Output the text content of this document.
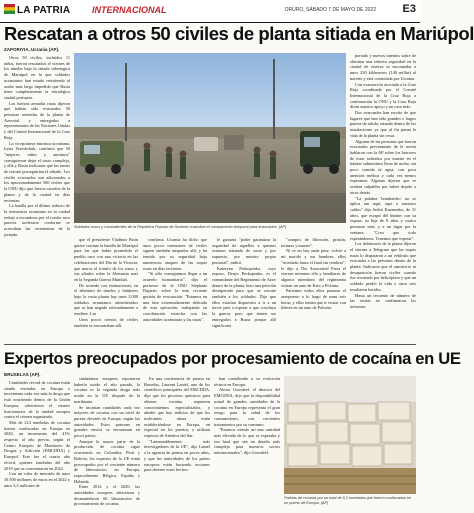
LA PATRIA INTERNACIONAL	ORURO, SÁBADO 7 DE MAYO DE 2022 E3
Rescatan a otros 50 civiles de planta sitiada en Mariúpol
ZAPORIYIA, Ucrania (AP).

Otros 50 civiles, incluidos 11 niños, fueron rescatados el viernes de los túneles bajo la sitiada siderúrgica de Mariúpol en la que soldados ucranianos han estado resistiendo al asalto más largo impedido que Rusia tiene completamente la estratégica ciudad portuaria.

Las fuerzas armadas rusas dijeron que habían sido evacuados 50 personas retenidas de la planta de Azovstal y entregados a representantes de las Naciones Unidas y del Comité Internacional de la Cruz Roja.

La viceprimera ministra ucraniana, Iryna Vereshchuk, confirmó que 50 "mujeres, niños y ancianos" consiguieron dejar el vasto complejo, y ella y Rusia indicaron que las tareas de rescate proseguirían el sábado. Los civiles evacuados son adicionales a los aproximadamente 500 civiles que la ONU dijo que fueron sacados de la planta y de la ciudad en días recientes.

La batalla por el último reducto de la resistencia ucraniana en la ciudad redujo a escombros por el roedor ruso parecía acelerarse conforme se acercaban las ceremonias de la jornada.

Soldados rusos y combatientes de la República Popular de Donetsk custodian el campamento temporal para evacuados. (AP)

que el presidente Vladímir Putin quiere coronar la batalla de Mariúpol para las que había prometido el pueblo ruso con una victoria en las celebraciones del Día de la Victoria, que marca el triunfo de los rusos y sus aliados sobre la Alemania nazi en la Segunda Guerra Mundial.

De acuerdo con estimaciones, en el laberinto de túneles y búnkeres bajo la vasta planta hay unos 2.000 soldados ucranianos atrincherados que se han negado reiteradamente a rendirse. Las

Unos pocos cientos de civiles también se encontraban allí.

confirma. Ucrania ha dicho que unos pocos centenares de civiles siguen también atrapados allí, y ha temido por su seguridad bajo numerosos ataques de las tropas rusas en días recientes.

"Si sólo conseguimos llegar a un acuerdo humanitario", dijo el portavoz de la ONU Stéphane Dujarric sobre la más reciente gestión de evacuación. "Estamos en una fase extremadamente delicada de esta operación, trabajando en coordinación estrecha con las autoridades ucranianas y las rusas".

le gustaría "poder garantizar la seguridad de aquellos a quienes estamos tratando de sacar y por supuesto, por nuestro propio personal", indicó.

Kateryna Prokopenko, cuyo esposo, Denys Prokopenko, es el comandante del Regimiento de Azov dentro de la planta, hizo una petición desesperada para que se rescate también a los soldados. Dijo que ellos estarían dispuestos a ir a un tercer país a esperar a que concluya la guerra, pero que temen ser entregados a Rusia porque allí significaría

"campos de filtración, prisión, torturas y muerte".

Ni se no hay nada peor. volvió a mi marido y sus hombres, ellos "resistirán hasta el final sin rendirse", le dijo a The Associated Press el viernes mientras ella y familiares de algunos miembros del regimiento visitan un auto de Kiev a Polonia.

Parientes todos ellos pasaron el aeropuerto a lo largo de unas seis horas, y ellos tenían que ir visitar con líderes en un auto de Polonia.

portado y nuevos intentos sobre de eliminar una relativa seguridad en la ciudad de reserva se encontraba a unos 230 kilómetros (140 millas) al noreste y está controlada por Ucrania.

Con evacuación asociada a la Cruz Roja coordinada por el Comité Internacional de la Cruz Roja a continuación la ONU y la Cruz Roja dicen nuestro apoyo y un caso más.

Dos evacuados han escrito de que lugares que han sido grandes e largos puntos de salida, estando dentro de las instalaciones ya que al fin pasan la vida de la planta sin cesar.

Algunas de las personas que fueron evacuadas previamente de la acería hablaron con la AP sobre los horrores de estar rodeados por muerte en el búnker subterráneo lleno de moho, sin poco comida ni agua, con poca atención médica y cada vez menos esperanza. Algunas dijeron que se sentían culpables por haber dejado a otros detrás.

"La palabra 'bombardeo' no se aplica tan aquí, aquí a nuestros caídos" dijo Serhii Kuzmenko, de 31 años, que escapó del búnker con su esposa, su hija de 8 años y cuatro personas más, y a un lugar por la ventana. "Creo que todo esperándonos. Tenemos que esperar".

Los defensores de la planta dijeron el viernes a Telegram que las tropas rusas lo dispararon a un vehículo que evacuaba a las personas dentro de la planta. Indicaron que el armisticio ni desaparición fueron civiles cuando fue rescatado por helicóptero y que un soldado perdió la vida y otros seis resultaron heridos.

Hasta un recuento de número de las visitas no confirmaron los informes.

Expertos preocupados por procesamiento de cocaína en UE
BRUSELAS (AP).

Cantidades récord de cocaína están siendo enviadas en Europa e incrementa cada vez más la droga que está ocurriendo dentro de la Unión Europea, advirtieron el viernes funcionarios de la unidad europea contra el crimen organizado.

Más de 214 toneladas de cocaína fueron confiscadas en Europa en 2020, un incremento del 41% respecto al año previo, según el Centro Europeo de Monitoreo de Drogas y Adicción (EMCDDA) y Europol. Este fue el cuarto año récord, quienes toneladas del año 2019 que se concentraron en 2022.

Con un valor de mercado de unos 10.500 millones de euros en el 2022 y unos 3,3 millones de

ciudadanos europeos reportaron haberla usado el año pasado, la cocaína es la segunda droga más usada en la UE después de la marihuana.

Se incautan cantidades cada vez mayores de cocaína con un nivel de pureza elevado en Europa, según las autoridades. Estos patrones en grandes envíos se encuentran en pocos países.

Aunque la mayor parte de la producción de cocaína sigue ocurriendo en Colombia, Perú y Bolivia, los expertos de la UE están preocupados por el creciente número de laboratorios en Europa, especialmente Bélgica, España y Holanda.

Entre 2014 y el 2020, las autoridades europeas detectaron y desmantelaron 60 laboratorios de procesamiento de cocaína.

En una conferencia de prensa en Bruselas, Laurent Laniel, uno de los científicos principales del EMCDDA, dijo que los procesos químicos para obtener cocaína requieren conocimientos especializados, y añadió que hay indicios de que los traficantes ahora están estableciéndose en Europa, en especial en los puertos, y utilizan expertos de América del Sur.

"Lamentablemente, más investigadores de la UE", dijo Laniel a la agencia de prensa en pocos años, y que las autoridades de los países europeos están haciendo acciones para detener estos hechos.

han contribuido a su evolución técnica en Europa.

Alexis Goosdeel, el director del EMCDDA, dijo que la disponibilidad actual de grandes cantidades de la cocaína en Europa representa el gran riesgo para la salud de los consumidores, con crecientes tratamientos por su consumo.

"Estamos viendo así una cantidad más elevada de lo que se esperaba y eso hará que sea un desafío más complejo para nuestros socios internacionales", dijo Goosdeel.

Paletas de cocaína por un total de 5,2 toneladas que fueron confiscadas en un puerto de Europa. (AP)
